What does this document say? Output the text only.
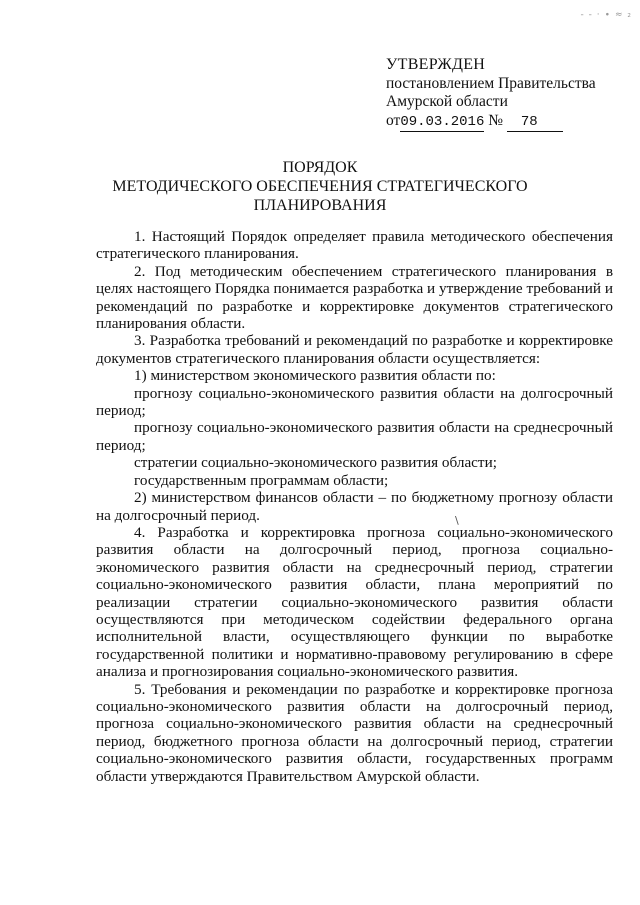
- - · ∙ ≈ ₂
УТВЕРЖДЕН
постановлением Правительства
Амурской области
от09.03.2016 № 78
ПОРЯДОК
МЕТОДИЧЕСКОГО ОБЕСПЕЧЕНИЯ СТРАТЕГИЧЕСКОГО
ПЛАНИРОВАНИЯ

1. Настоящий Порядок определяет правила методического обеспечения стратегического планирования.

2. Под методическим обеспечением стратегического планирования в целях настоящего Порядка понимается разработка и утверждение требований и рекомендаций по разработке и корректировке документов стратегического планирования области.

3. Разработка требований и рекомендаций по разработке и корректировке документов стратегического планирования области осуществляется:

1) министерством экономического развития области по:

прогнозу социально-экономического развития области на долгосрочный период;

прогнозу социально-экономического развития области на среднесрочный период;

стратегии социально-экономического развития области;

государственным программам области;

2) министерством финансов области – по бюджетному прогнозу области на долгосрочный период.

4. Разработка и корректировка прогноза социально-экономического развития области на долгосрочный период, прогноза социально-экономического развития области на среднесрочный период, стратегии социально-экономического развития области, плана мероприятий по реализации стратегии социально-экономического развития области осуществляются при методическом содействии федерального органа исполнительной власти, осуществляющего функции по выработке государственной политики и нормативно-правовому регулированию в сфере анализа и прогнозирования социально-экономического развития.

5. Требования и рекомендации по разработке и корректировке прогноза социально-экономического развития области на долгосрочный период, прогноза социально-экономического развития области на среднесрочный период, бюджетного прогноза области на долгосрочный период, стратегии социально-экономического развития области, государственных программ области утверждаются Правительством Амурской области.

\
